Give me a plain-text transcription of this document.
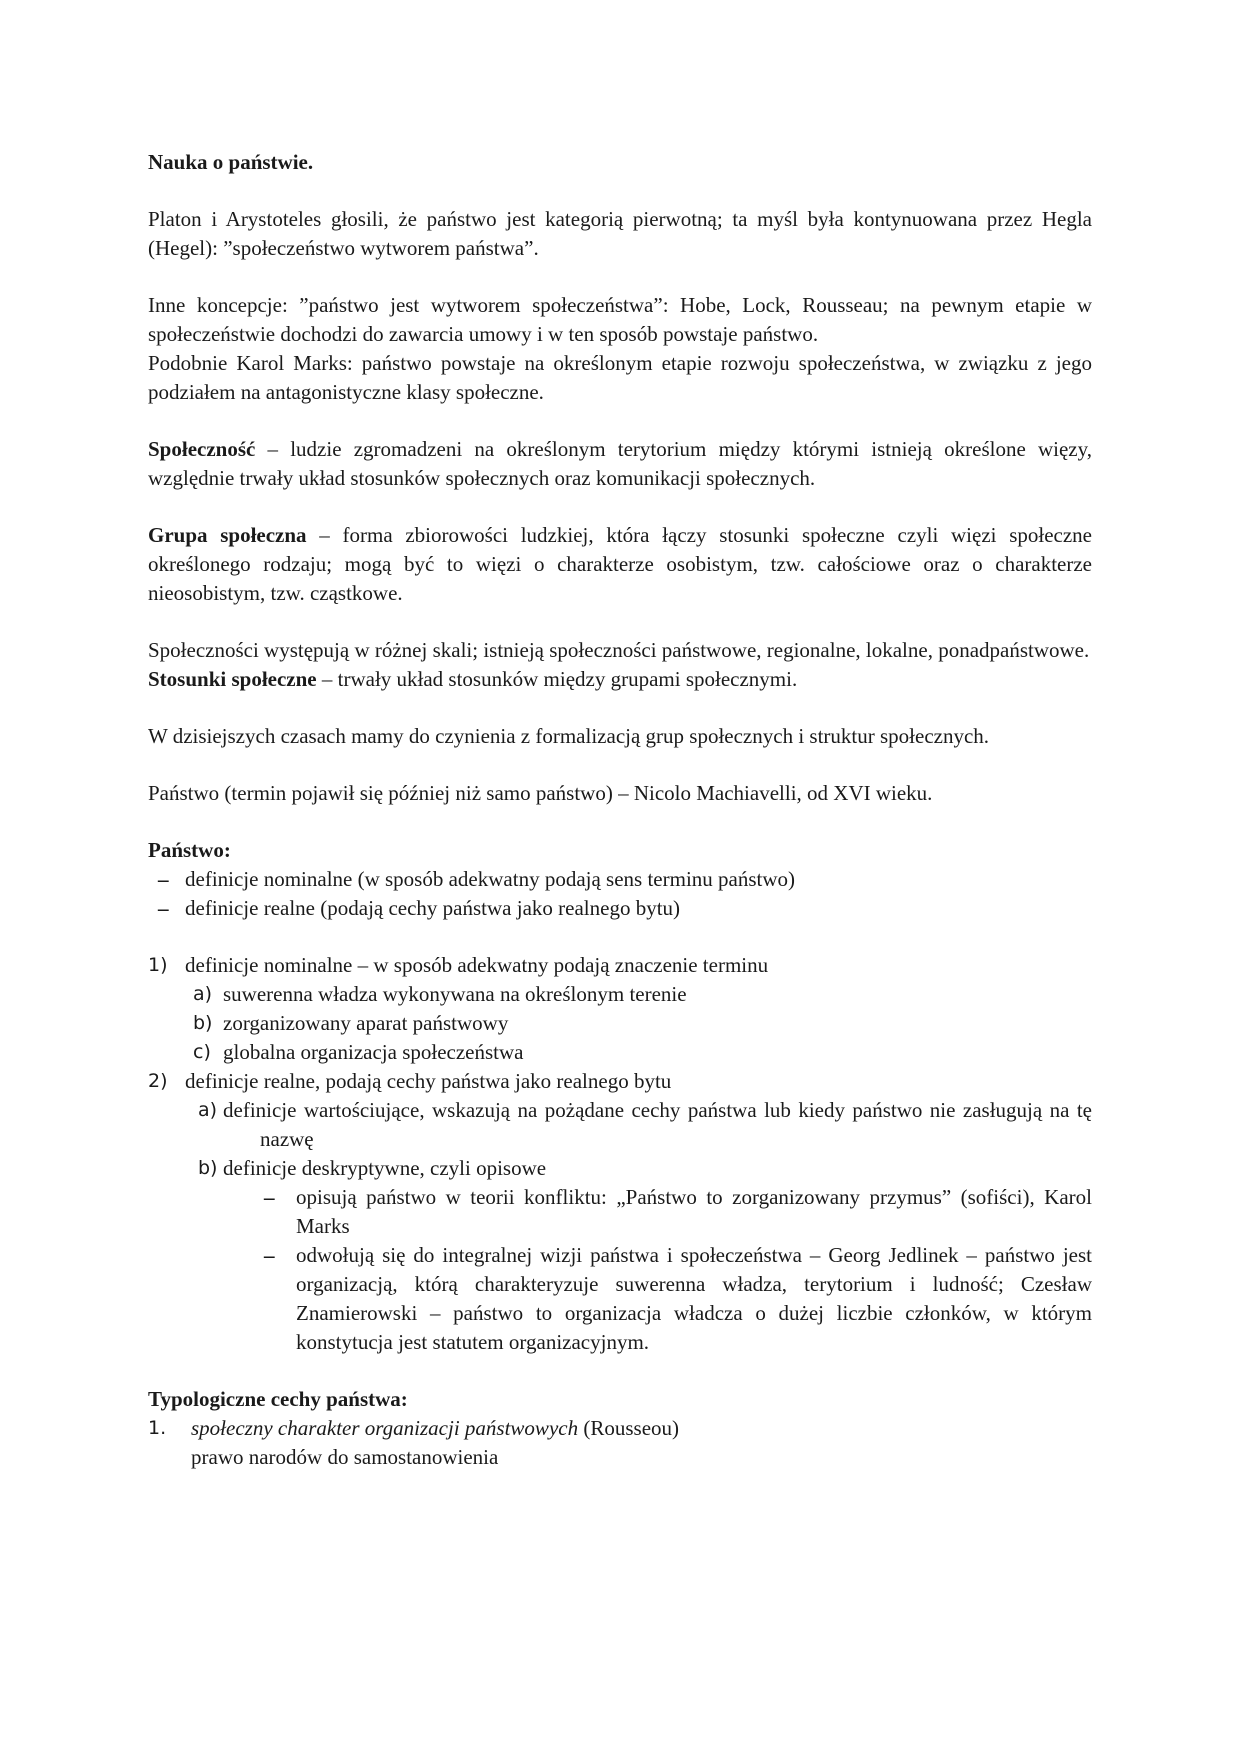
Nauka o państwie.

Platon i Arystoteles głosili, że państwo jest kategorią pierwotną; ta myśl była kontynuowana przez Hegla (Hegel): ”społeczeństwo wytworem państwa”.

Inne koncepcje: ”państwo jest wytworem społeczeństwa”: Hobe, Lock, Rousseau; na pewnym etapie w społeczeństwie dochodzi do zawarcia umowy i w ten sposób powstaje państwo.

Podobnie Karol Marks: państwo powstaje na określonym etapie rozwoju społeczeństwa, w związku z jego podziałem na antagonistyczne klasy społeczne.

Społeczność – ludzie zgromadzeni na określonym terytorium między którymi istnieją określone więzy, względnie trwały układ stosunków społecznych oraz komunikacji społecznych.

Grupa społeczna – forma zbiorowości ludzkiej, która łączy stosunki społeczne czyli więzi społeczne określonego rodzaju; mogą być to więzi o charakterze osobistym, tzw. całościowe oraz o charakterze nieosobistym, tzw. cząstkowe.

Społeczności występują w różnej skali; istnieją społeczności państwowe, regionalne, lokalne, ponadpaństwowe.

Stosunki społeczne – trwały układ stosunków między grupami społecznymi.

W dzisiejszych czasach mamy do czynienia z formalizacją grup społecznych i struktur społecznych.

Państwo (termin pojawił się później niż samo państwo) – Nicolo Machiavelli, od XVI wieku.

Państwo:

_ definicje nominalne (w sposób adekwatny podają sens terminu państwo)
_ definicje realne (podają cechy państwa jako realnego bytu)
1) definicje nominalne – w sposób adekwatny podają znaczenie terminu
a) suwerenna władza wykonywana na określonym terenie
b) zorganizowany aparat państwowy
c) globalna organizacja społeczeństwa
2) definicje realne, podają cechy państwa jako realnego bytu
a) definicje wartościujące, wskazują na pożądane cechy państwa lub kiedy państwo nie zasługują na tę nazwę
b) definicje deskryptywne, czyli opisowe
_ opisują państwo w teorii konfliktu: „Państwo to zorganizowany przymus” (sofiści), Karol Marks
_ odwołują się do integralnej wizji państwa i społeczeństwa – Georg Jedlinek – państwo jest organizacją, którą charakteryzuje suwerenna władza, terytorium i ludność; Czesław Znamierowski – państwo to organizacja władcza o dużej liczbie członków, w którym konstytucja jest statutem organizacyjnym.

Typologiczne cechy państwa:

1. społeczny charakter organizacji państwowych (Rousseou)
prawo narodów do samostanowienia
